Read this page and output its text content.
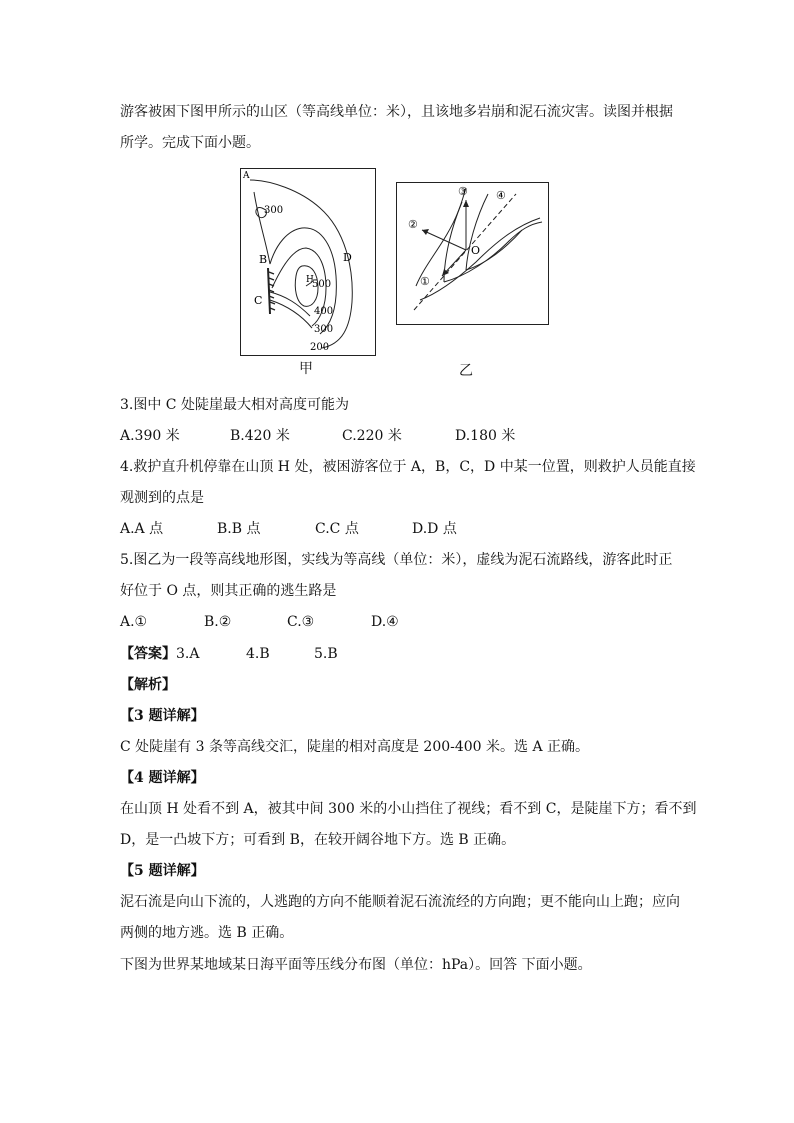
游客被困下图甲所示的山区（等高线单位：米），且该地多岩崩和泥石流灾害。读图并根据
所学。完成下面小题。
A
B
C
D
H
300
500
400
300
200
甲
③	④
②
①
O
乙
3.图中 C 处陡崖最大相对高度可能为
A.390 米	B.420 米	C.220 米	D.180 米
4.救护直升机停靠在山顶 H 处，被困游客位于 A，B，C，D 中某一位置，则救护人员能直接
观测到的点是
A.A 点	B.B 点	C.C 点	D.D 点
5.图乙为一段等高线地形图，实线为等高线（单位：米），虚线为泥石流路线，游客此时正
好位于 O 点，则其正确的逃生路是
A.①	B.②	C.③	D.④
【答案】 3.A	4.B	5.B
【解析】
【3 题详解】
C 处陡崖有 3 条等高线交汇，陡崖的相对高度是 200-400 米。选 A 正确。
【4 题详解】
在山顶 H 处看不到 A，被其中间 300 米的小山挡住了视线；看不到 C，是陡崖下方；看不到
D，是一凸坡下方；可看到 B，在较开阔谷地下方。选 B 正确。
【5 题详解】
泥石流是向山下流的，人逃跑的方向不能顺着泥石流流经的方向跑；更不能向山上跑；应向
两侧的地方逃。选 B 正确。
下图为世界某地域某日海平面等压线分布图（单位：hPa）。回答 下面小题。
